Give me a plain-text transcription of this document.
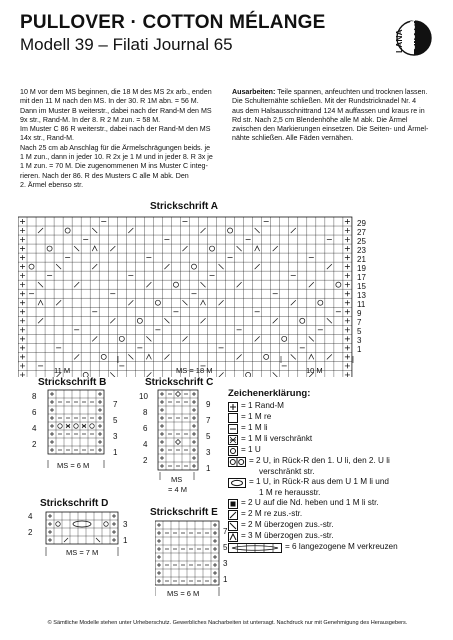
PULLOVER · COTTON MÉLANGE
Modell 39 – Filati Journal 65	LANA GROSSA
10 M vor dem MS beginnen, die 18 M des MS 2x arb., enden
mit den 11 M nach den MS. In der 30. R 1M abn. = 56 M.
Dann im Muster B weiterstr., dabei nach der Rand-M den MS
9x str., Rand-M. In der 8. R 2 M zun. = 58 M.
Im Muster C 86 R weiterstr., dabei nach der Rand-M den MS
14x str., Rand-M.
Nach 25 cm ab Anschlag für die Ärmelschrägungen beids. je
1 M zun., dann in jeder 10. R 2x je 1 M und in jeder 8. R 3x je
1 M zun. = 70 M. Die zugenommenen M ins Muster C integ-
rieren. Nach der 86. R des Musters C alle M abk. Den
2. Ärmel ebenso str.
Ausarbeiten: Teile spannen, anfeuchten und trocknen lassen.
Die Schulternähte schließen. Mit der Rundstricknadel Nr. 4
aus dem Halsausschnittrand 124 M auffassen und kraus re in
Rd str. Nach 2,5 cm Blendenhöhe alle M abk. Die Ärmel
zwischen den Markierungen einsetzen. Die Seiten- und Ärmel-
nähte schließen. Alle Fäden vernähen.
Strickschrift A
Strickschrift B	Strickschrift C
Strickschrift D
Strickschrift E
29
27
25
23
21
19
17
15
13
11
9
7
5
3
1
11 M	MS = 18 M	10 M
8
6
4
2
7
5
3
1
MS = 6 M
10
8
6
4
2
9
7
5
3
1
MS
= 4 M
4
2
3
1
MS = 7 M
7
5
3
1
MS = 6 M
Zeichenerklärung:
= 1 Rand-M
= 1 M re
= 1 M li
= 1 M li verschränkt
= 1 U
= 2 U, in Rück-R den 1. U li, den 2. U li
verschränkt str.
= 1 U, in Rück-R aus dem U 1 M li und
1 M re herausstr.
= 2 U auf die Nd. heben und 1 M li str.
= 2 M re zus.-str.
= 2 M überzogen zus.-str.
= 3 M überzogen zus.-str.
= 6 langezogene M verkreuzen
© Sämtliche Modelle stehen unter Urheberschutz. Gewerbliches Nacharbeiten ist untersagt. Nachdruck nur mit Genehmigung des Herausgebers.
